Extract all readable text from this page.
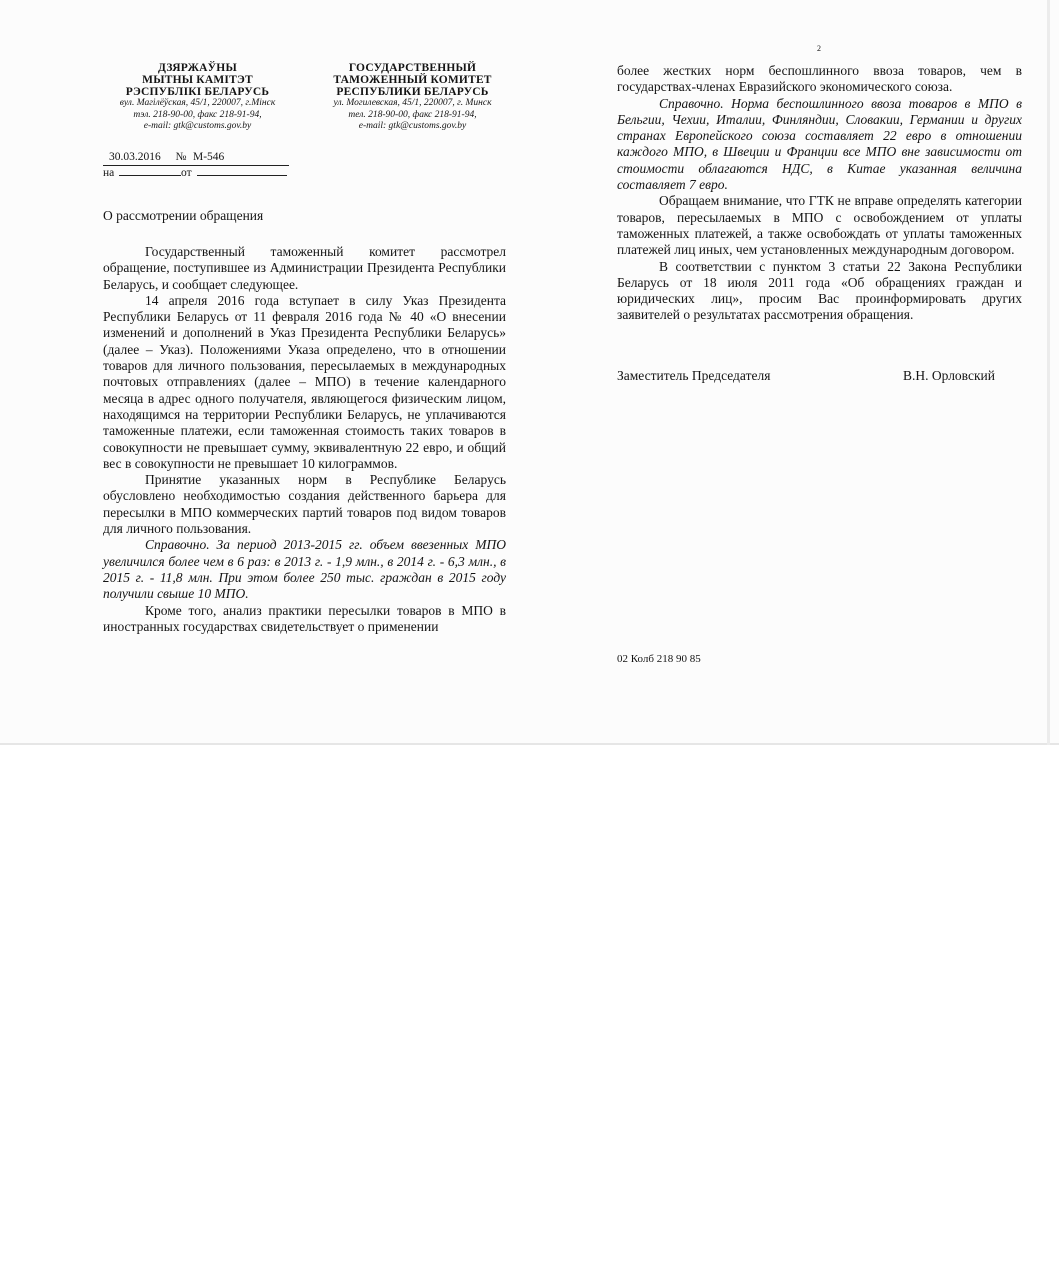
ДЗЯРЖАЎНЫ
МЫТНЫ КАМІТЭТ
РЭСПУБЛІКІ БЕЛАРУСЬ
вул. Магілёўская, 45/1, 220007, г.Мінск
тэл. 218-90-00, факс 218-91-94,
e-mail: gtk@customs.gov.by
ГОСУДАРСТВЕННЫЙ
ТАМОЖЕННЫЙ КОМИТЕТ
РЕСПУБЛИКИ БЕЛАРУСЬ
ул. Могилевская, 45/1, 220007, г. Минск
тел. 218-90-00, факс 218-91-94,
e-mail: gtk@customs.gov.by
30.03.2016 № М-546
на	от
О рассмотрении обращения

Государственный таможенный комитет рассмотрел обращение, поступившее из Администрации Президента Республики Беларусь, и сообщает следующее.

14 апреля 2016 года вступает в силу Указ Президента Республики Беларусь от 11 февраля 2016 года № 40 «О внесении изменений и дополнений в Указ Президента Республики Беларусь» (далее – Указ). Положениями Указа определено, что в отношении товаров для личного пользования, пересылаемых в международных почтовых отправлениях (далее – МПО) в течение календарного месяца в адрес одного получателя, являющегося физическим лицом, находящимся на территории Республики Беларусь, не уплачиваются таможенные платежи, если таможенная стоимость таких товаров в совокупности не превышает сумму, эквивалентную 22 евро, и общий вес в совокупности не превышает 10 килограммов.

Принятие указанных норм в Республике Беларусь обусловлено необходимостью создания действенного барьера для пересылки в МПО коммерческих партий товаров под видом товаров для личного пользования.

Справочно. За период 2013-2015 гг. объем ввезенных МПО увеличился более чем в 6 раз: в 2013 г. - 1,9 млн., в 2014 г. - 6,3 млн., в 2015 г. - 11,8 млн. При этом более 250 тыс. граждан в 2015 году получили свыше 10 МПО.

Кроме того, анализ практики пересылки товаров в МПО в иностранных государствах свидетельствует о применении

2

более жестких норм беспошлинного ввоза товаров, чем в государствах-членах Евразийского экономического союза.

Справочно. Норма беспошлинного ввоза товаров в МПО в Бельгии, Чехии, Италии, Финляндии, Словакии, Германии и других странах Европейского союза составляет 22 евро в отношении каждого МПО, в Швеции и Франции все МПО вне зависимости от стоимости облагаются НДС, в Китае указанная величина составляет 7 евро.

Обращаем внимание, что ГТК не вправе определять категории товаров, пересылаемых в МПО с освобождением от уплаты таможенных платежей, а также освобождать от уплаты таможенных платежей лиц иных, чем установленных международным договором.

В соответствии с пунктом 3 статьи 22 Закона Республики Беларусь от 18 июля 2011 года «Об обращениях граждан и юридических лиц», просим Вас проинформировать других заявителей о результатах рассмотрения обращения.

Заместитель Председателя	В.Н. Орловский
02 Колб 218 90 85
